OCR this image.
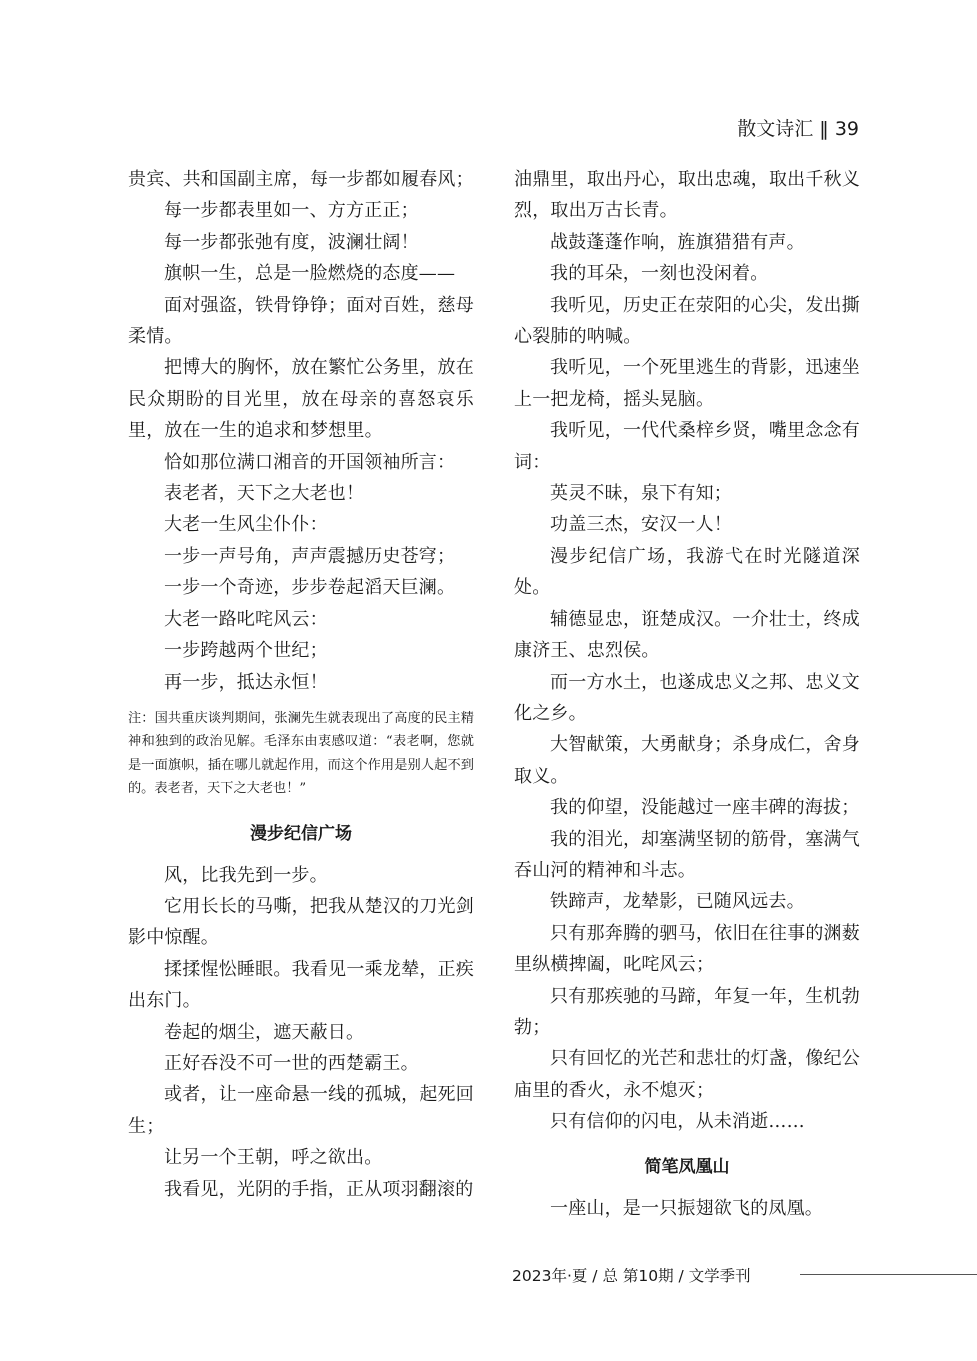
散文诗汇 ‖ 39

贵宾、共和国副主席，每一步都如履春风；

每一步都表里如一、方方正正；

每一步都张弛有度，波澜壮阔！

旗帜一生，总是一脸燃烧的态度——

面对强盗，铁骨铮铮；面对百姓，慈母柔情。

把博大的胸怀，放在繁忙公务里，放在民众期盼的目光里，放在母亲的喜怒哀乐里，放在一生的追求和梦想里。

恰如那位满口湘音的开国领袖所言：

表老者，天下之大老也！

大老一生风尘仆仆：

一步一声号角，声声震撼历史苍穹；

一步一个奇迹，步步卷起滔天巨澜。

大老一路叱咤风云：

一步跨越两个世纪；

再一步，抵达永恒！

注：国共重庆谈判期间，张澜先生就表现出了高度的民主精神和独到的政治见解。毛泽东由衷感叹道：“表老啊，您就是一面旗帜，插在哪儿就起作用，而这个作用是别人起不到的。表老者，天下之大老也！”

漫步纪信广场

风，比我先到一步。

它用长长的马嘶，把我从楚汉的刀光剑影中惊醒。

揉揉惺忪睡眼。我看见一乘龙辇，正疾出东门。

卷起的烟尘，遮天蔽日。

正好吞没不可一世的西楚霸王。

或者，让一座命悬一线的孤城，起死回生；

让另一个王朝，呼之欲出。

我看见，光阴的手指，正从项羽翻滚的

油鼎里，取出丹心，取出忠魂，取出千秋义烈，取出万古长青。

战鼓蓬蓬作响，旌旗猎猎有声。

我的耳朵，一刻也没闲着。

我听见，历史正在荥阳的心尖，发出撕心裂肺的呐喊。

我听见，一个死里逃生的背影，迅速坐上一把龙椅，摇头晃脑。

我听见，一代代桑梓乡贤，嘴里念念有词：

英灵不昧，泉下有知；

功盖三杰，安汉一人！

漫步纪信广场，我游弋在时光隧道深处。

辅德显忠，诳楚成汉。一介壮士，终成康济王、忠烈侯。

而一方水土，也遂成忠义之邦、忠义文化之乡。

大智献策，大勇献身；杀身成仁，舍身取义。

我的仰望，没能越过一座丰碑的海拔；

我的泪光，却塞满坚韧的筋骨，塞满气吞山河的精神和斗志。

铁蹄声，龙辇影，已随风远去。

只有那奔腾的驷马，依旧在往事的渊薮里纵横捭阖，叱咤风云；

只有那疾驰的马蹄，年复一年，生机勃勃；

只有回忆的光芒和悲壮的灯盏，像纪公庙里的香火，永不熄灭；

只有信仰的闪电，从未消逝……

简笔凤凰山

一座山，是一只振翅欲飞的凤凰。

2023年·夏 / 总 第10期 / 文学季刊
